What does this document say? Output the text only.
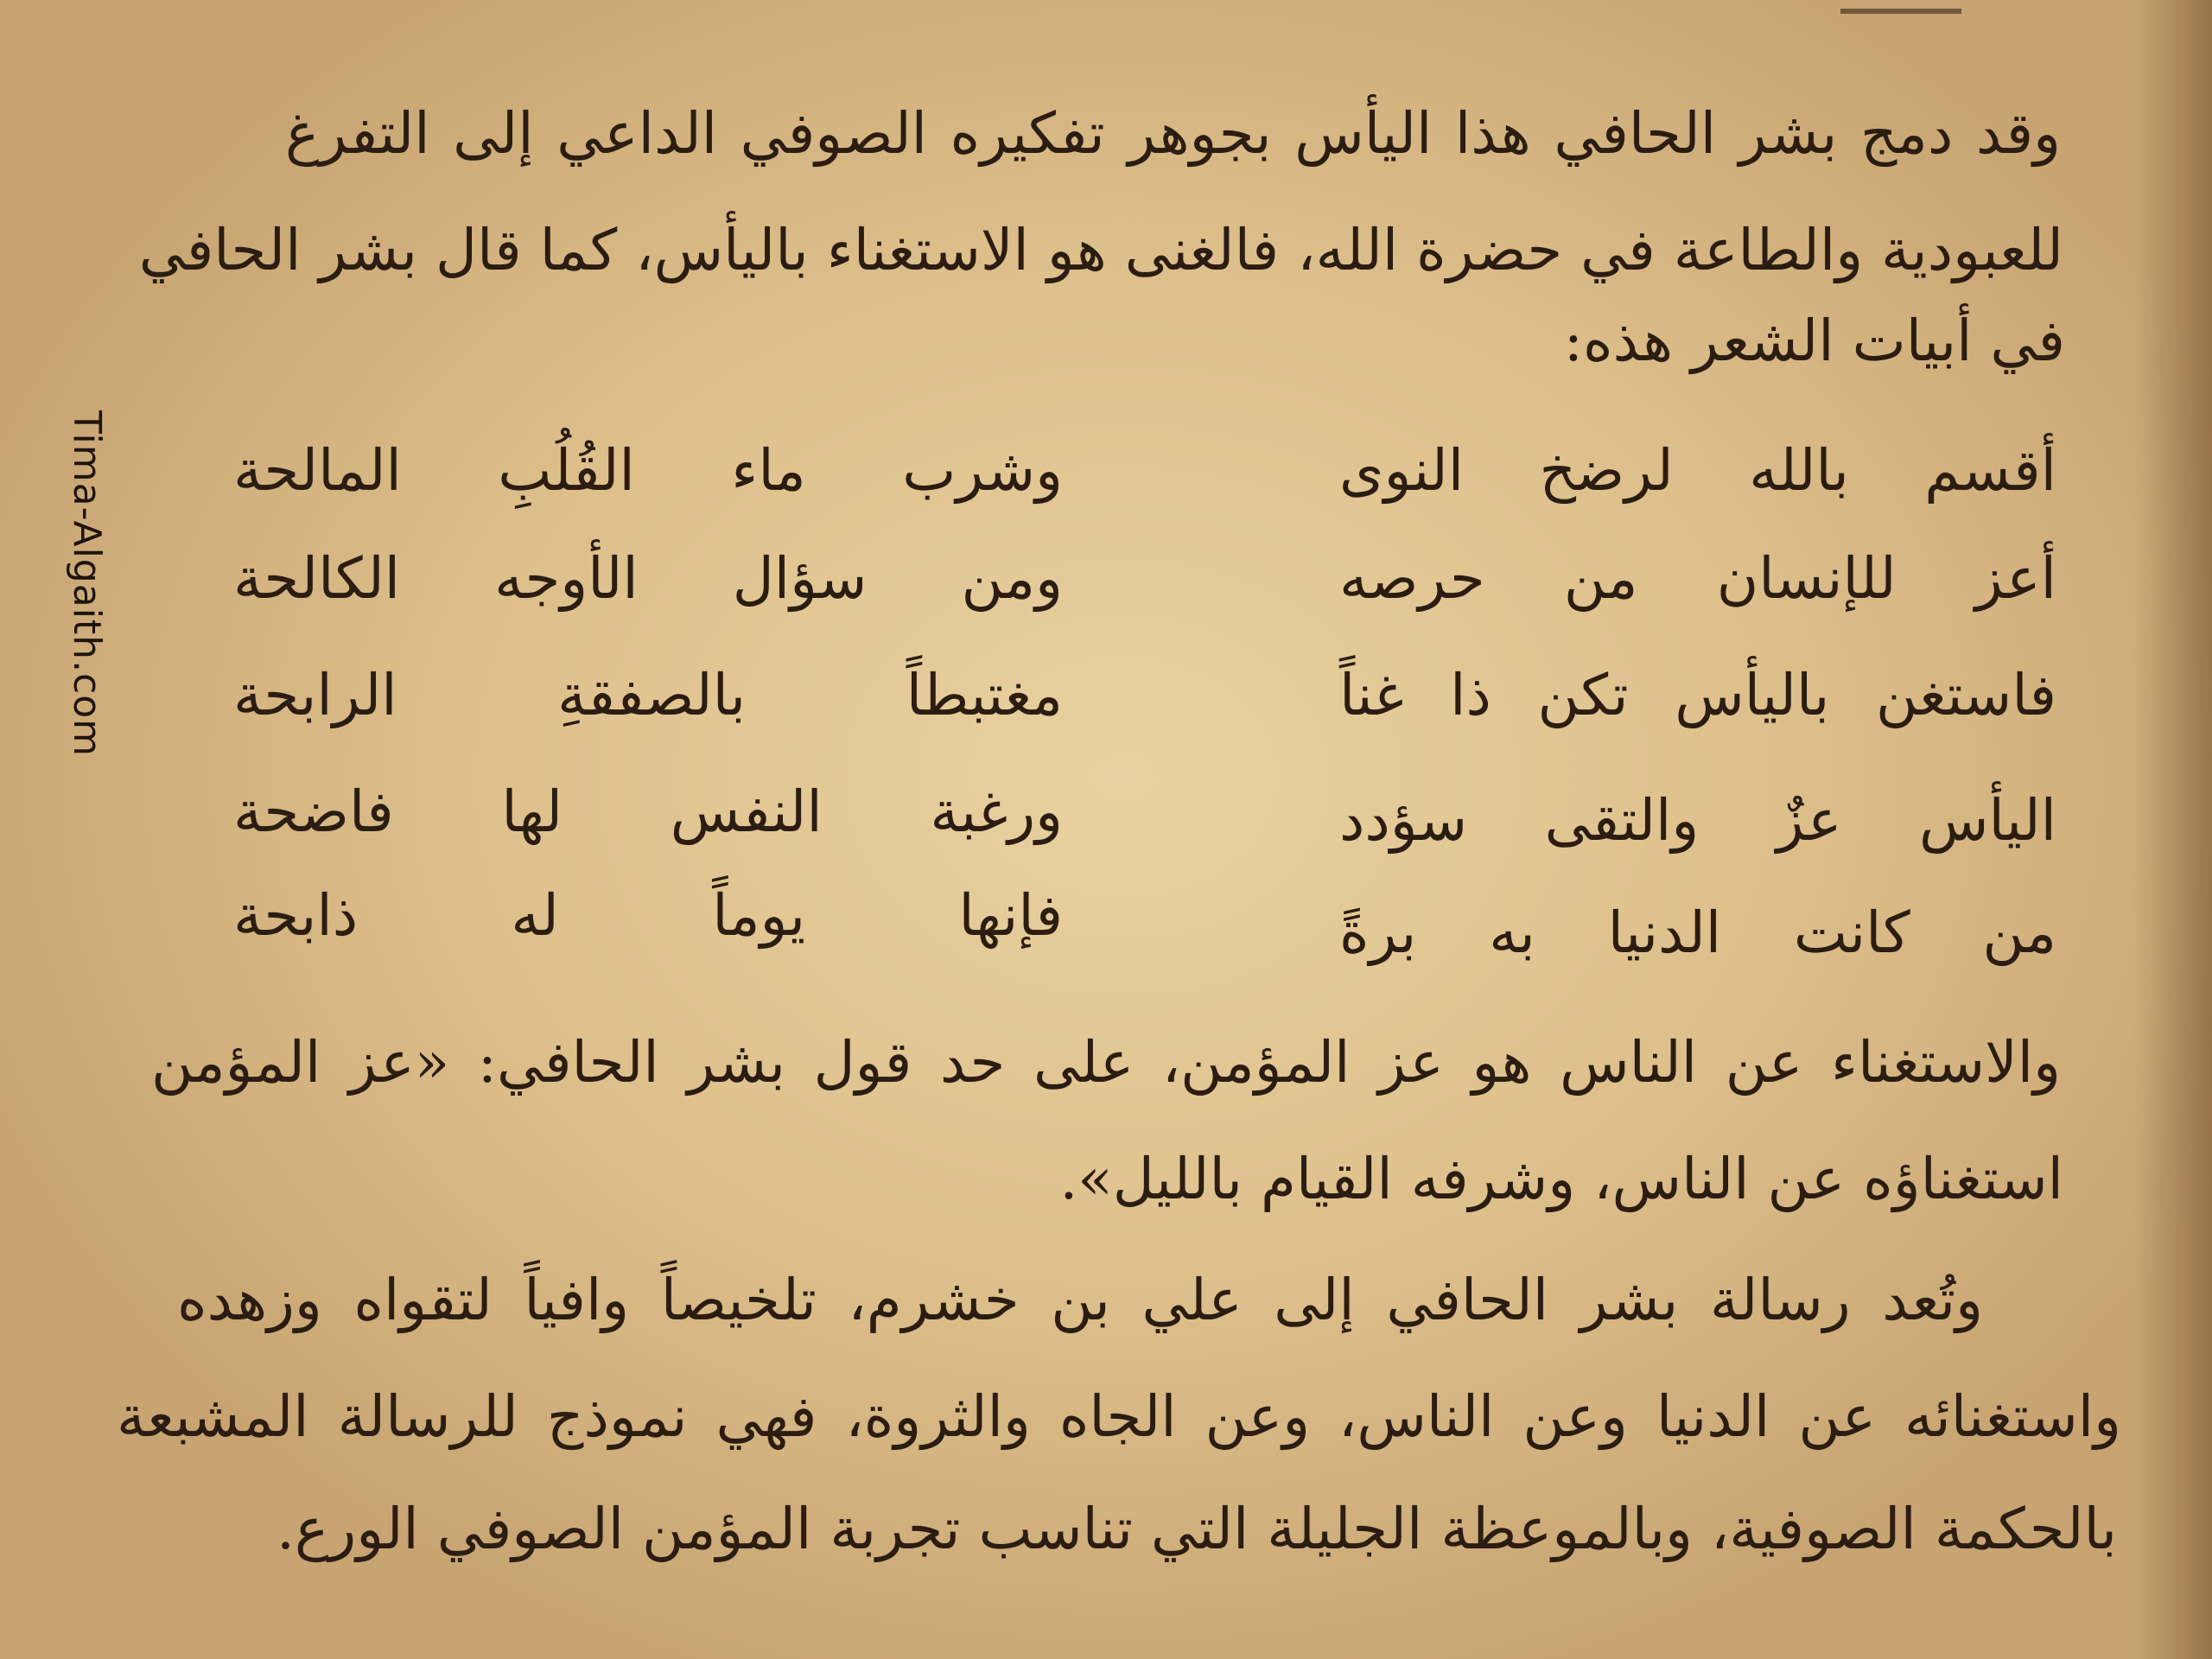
Tima-Algaith.com
وقد دمج بشر الحافي هذا اليأس بجوهر تفكيره الصوفي الداعي إلى التفرغ
للعبودية والطاعة في حضرة الله، فالغنى هو الاستغناء باليأس، كما قال بشر الحافي
في أبيات الشعر هذه:
أقسم بالله لرضخ النوى
وشرب ماء القُلُبِ المالحة
أعز للإنسان من حرصه
ومن سؤال الأوجه الكالحة
فاستغن باليأس تكن ذا غناً
مغتبطاً بالصفقةِ الرابحة
اليأس عزٌ والتقى سؤدد
ورغبة النفس لها فاضحة
من كانت الدنيا به برةً
فإنها يوماً له ذابحة
والاستغناء عن الناس هو عز المؤمن، على حد قول بشر الحافي: «عز المؤمن
استغناؤه عن الناس، وشرفه القيام بالليل».
وتُعد رسالة بشر الحافي إلى علي بن خشرم، تلخيصاً وافياً لتقواه وزهده
واستغنائه عن الدنيا وعن الناس، وعن الجاه والثروة، فهي نموذج للرسالة المشبعة
بالحكمة الصوفية، وبالموعظة الجليلة التي تناسب تجربة المؤمن الصوفي الورع.
